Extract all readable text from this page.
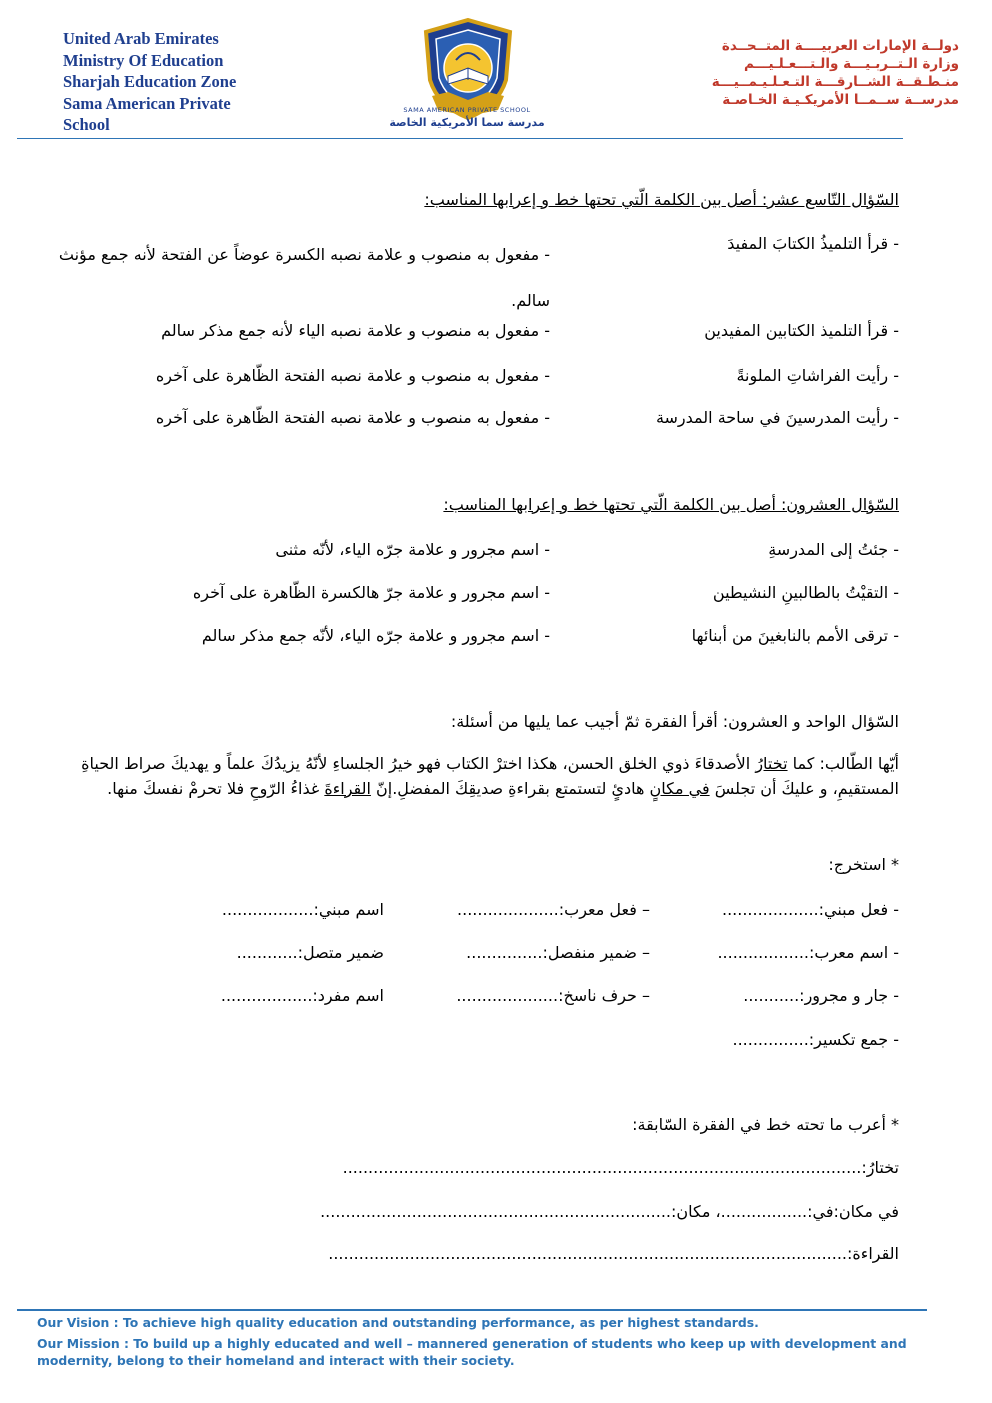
United Arab Emirates
Ministry Of Education
Sharjah Education Zone
Sama American Private
School
SAMA AMERICAN PRIVATE SCHOOL
مدرسة سما الأمريكية الخاصة
دولــة الإمارات العربيــــة المتــحــدة
وزارة الـتــربـيـــة والـتـــعـلـيـــم
منـطـقــة الشــارقـــة التـعـلـيـمــيـــة
مدرســة ســمــا الأمريكـيـة الخـاصـة
السّؤال التّاسع عشر: أصل بين الكلمة الّتي تحتها خط و إعرابها المناسب:
- قرأ التلميذُ الكتابَ المفيدَ
- مفعول به منصوب و علامة نصبه الكسرة عوضاً عن الفتحة لأنه جمع مؤنث سالم.
- قرأ التلميذ الكتابين المفيدين
- مفعول به منصوب و علامة نصبه الياء لأنه جمع مذكر سالم
- رأيت الفراشاتِ الملونةً
- مفعول به منصوب و علامة نصبه الفتحة الظّاهرة على آخره
- رأيت المدرسينَ في ساحة المدرسة
- مفعول به منصوب و علامة نصبه الفتحة الظّاهرة على آخره
السّؤال العشرون: أصل بين الكلمة الّتي تحتها خط و إعرابها المناسب:
- جئتُ إلى المدرسةِ
- اسم مجرور و علامة جرّه الياء، لأنّه مثنى
- التقيْتُ بالطالبينِ النشيطين
- اسم مجرور و علامة جرّ هالكسرة الظّاهرة على آخره
- ترقى الأمم بالنابغينَ من أبنائها
- اسم مجرور و علامة جرّه الياء، لأنّه جمع مذكر سالم
السّؤال الواحد و العشرون: أقرأ الفقرة ثمّ أجيب عما يليها من أسئلة:
أيّها الطّالب: كما تختارُ الأصدقاءَ ذوي الخلق الحسن، هكذا اخترْ الكتاب فهو خيرُ الجلساءِ لأنّهُ يزيدُكَ علماً و يهديكَ صراط الحياةِ المستقيمِ، و عليكَ أن تجلسَ في مكانٍ هادئٍ لتستمتع بقراءةِ صديقِكَ المفضلِ.إنّ القراءةَ غذاءُ الرّوحِ فلا تحرمْ نفسكَ منها.
* استخرج:
- فعل مبني:...................
– فعل معرب:....................
اسم مبني:..................
- اسم معرب:..................
– ضمير منفصل:...............
ضمير متصل:............
- جار و مجرور:...........
– حرف ناسخ:....................
اسم مفرد:..................
- جمع تكسير:...............
* أعرب ما تحته خط في الفقرة السّابقة:
تختارُ:......................................................................................................
في مكان:في:.................، مكان:.....................................................................
القراءة:......................................................................................................
Our Vision : To achieve high quality education and outstanding performance, as per highest standards.
Our Mission : To build up a highly educated and well – mannered generation of students who keep up with development and modernity, belong to their homeland and interact with their society.
